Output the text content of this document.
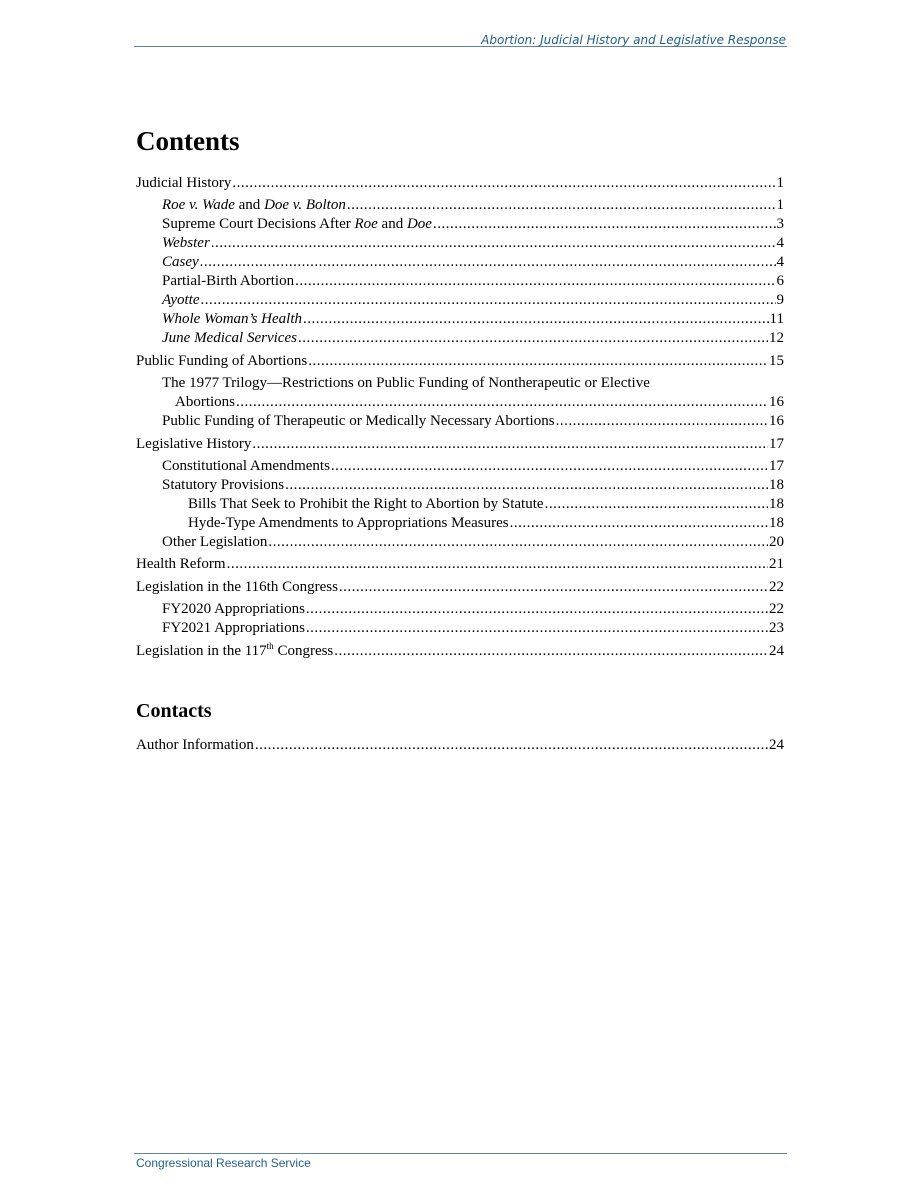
Abortion: Judicial History and Legislative Response
Contents
Judicial History .....	1
Roe v. Wade and Doe v. Bolton .....	1
Supreme Court Decisions After Roe and Doe .....	3
Webster .....	4
Casey .....	4
Partial-Birth Abortion .....	6
Ayotte .....	9
Whole Woman’s Health .....	11
June Medical Services .....	12
Public Funding of Abortions .....	15
The 1977 Trilogy—Restrictions on Public Funding of Nontherapeutic or Elective
Abortions .....	16
Public Funding of Therapeutic or Medically Necessary Abortions .....	16
Legislative History .....	17
Constitutional Amendments .....	17
Statutory Provisions .....	18
Bills That Seek to Prohibit the Right to Abortion by Statute .....	18
Hyde-Type Amendments to Appropriations Measures .....	18
Other Legislation .....	20
Health Reform .....	21
Legislation in the 116th Congress .....	22
FY2020 Appropriations .....	22
FY2021 Appropriations .....	23
Legislation in the 117th Congress .....	24
Contacts
Author Information .....	24
Congressional Research Service
